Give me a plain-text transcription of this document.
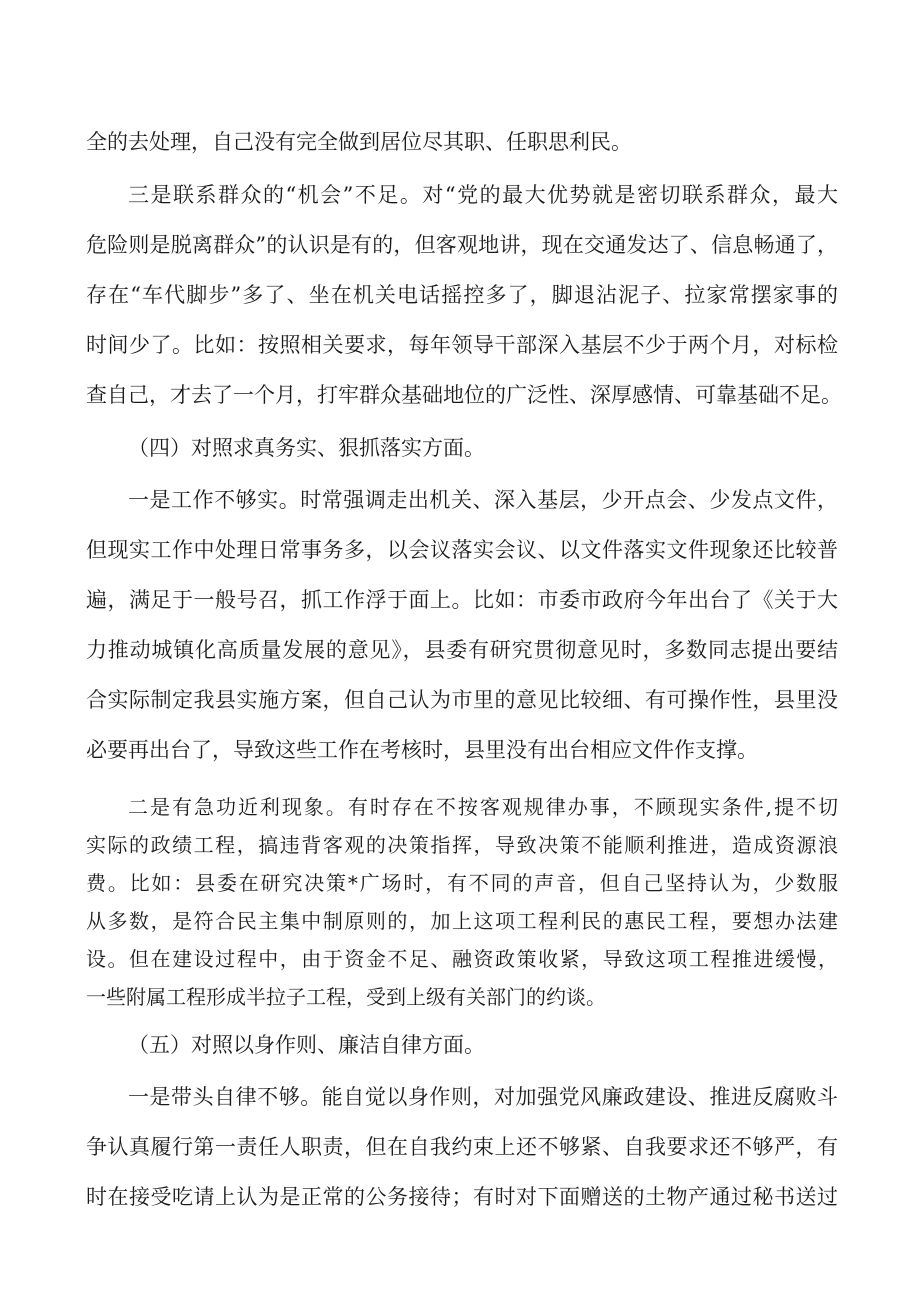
全的去处理，自己没有完全做到居位尽其职、任职思利民。
三是联系群众的“机会”不足。对“党的最大优势就是密切联系群众，最大
危险则是脱离群众”的认识是有的，但客观地讲，现在交通发达了、信息畅通了，
存在“车代脚步”多了、坐在机关电话摇控多了，脚退沾泥子、拉家常摆家事的
时间少了。比如：按照相关要求，每年领导干部深入基层不少于两个月，对标检
查自己，才去了一个月，打牢群众基础地位的广泛性、深厚感情、可靠基础不足。
（四）对照求真务实、狠抓落实方面。
一是工作不够实。时常强调走出机关、深入基层，少开点会、少发点文件，
但现实工作中处理日常事务多，以会议落实会议、以文件落实文件现象还比较普
遍，满足于一般号召，抓工作浮于面上。比如：市委市政府今年出台了《关于大
力推动城镇化高质量发展的意见》，县委有研究贯彻意见时，多数同志提出要结
合实际制定我县实施方案，但自己认为市里的意见比较细、有可操作性，县里没
必要再出台了，导致这些工作在考核时，县里没有出台相应文件作支撑。
二是有急功近利现象。有时存在不按客观规律办事，不顾现实条件,提不切
实际的政绩工程，搞违背客观的决策指挥，导致决策不能顺利推进，造成资源浪
费。比如：县委在研究决策*广场时，有不同的声音，但自己坚持认为，少数服
从多数，是符合民主集中制原则的，加上这项工程利民的惠民工程，要想办法建
设。但在建设过程中，由于资金不足、融资政策收紧，导致这项工程推进缓慢，
一些附属工程形成半拉子工程，受到上级有关部门的约谈。
（五）对照以身作则、廉洁自律方面。
一是带头自律不够。能自觉以身作则，对加强党风廉政建设、推进反腐败斗
争认真履行第一责任人职责，但在自我约束上还不够紧、自我要求还不够严，有
时在接受吃请上认为是正常的公务接待；有时对下面赠送的土物产通过秘书送过
